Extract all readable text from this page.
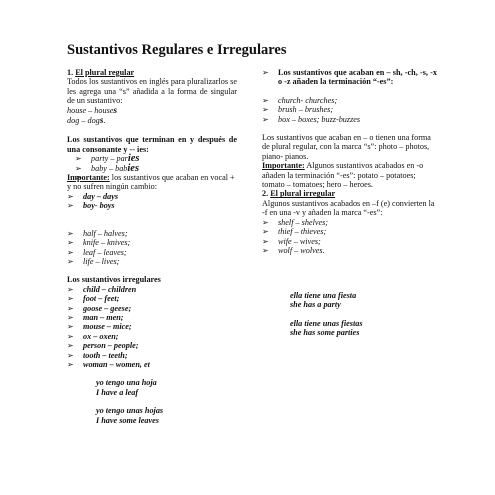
Sustantivos Regulares e Irregulares
1. El plural regular
Todos los sustantivos en inglés para pluralizarlos se les agrega una “s” añadida a la forma de singular de un sustantivo:
house – houses
dog – dogs.
Los sustantivos que terminan en y después de una consonante y -- ies:
➢ party – paries
➢ baby – babies
Importante: los sustantivos que acaban en vocal + y no sufren ningún cambio:
➢ day – days
➢ boy- boys
➢ half – halves;
➢ knife – knives;
➢ leaf – leaves;
➢ life – lives;
Los sustantivos irregulares
➢ child – children
➢ foot – feet;
➢ goose – geese;
➢ man – men;
➢ mouse – mice;
➢ ox – oxen;
➢ person – people;
➢ tooth – teeth;
➢ woman – women, et
yo tengo una hoja
I have a leaf
yo tengo unas hojas
I have some leaves
➢ Los sustantivos que acaban en – sh, -ch, -s, -x o -z añaden la terminación “-es”:
➢ church- churches;
➢ brush – brushes;
➢ box – boxes; buzz-buzzes
Los sustantivos que acaban en – o tienen una forma de plural regular, con la marca “s”: photo – photos, piano- pianos.
Importante: Algunos sustantivos acabados en -o añaden la terminación “-es”: potato – potatoes; tomato – tomatoes; hero – heroes.
2. El plural irregular
Algunos sustantivos acabados en –f (e) convierten la -f en una -v y añaden la marca “-es”:
➢ shelf – shelves;
➢ thief – thieves;
➢ wife – wives;
➢ wolf – wolves.
ella tiene una fiesta
she has a party
ella tiene unas fiestas
she has some parties
